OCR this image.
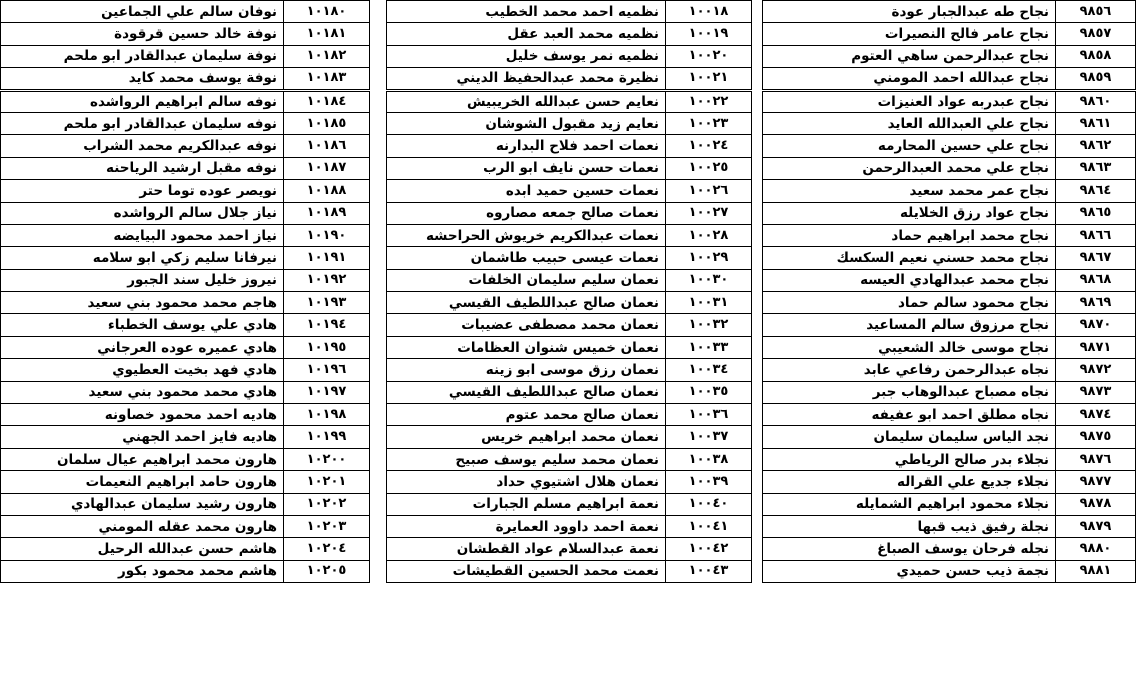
نوفان سالم علي الجماعين	١٠١٨٠
نوفة خالد حسين قرقودة	١٠١٨١
نوفة سليمان عبدالقادر ابو ملحم	١٠١٨٢
نوفة يوسف محمد كايد	١٠١٨٣
نوفه سالم ابراهيم الرواشده	١٠١٨٤
نوفه سليمان عبدالقادر ابو ملحم	١٠١٨٥
نوفه عبدالكريم محمد الشراب	١٠١٨٦
نوفه مقبل ارشيد الرياحنه	١٠١٨٧
نويصر عوده توما حتر	١٠١٨٨
نياز جلال سالم الرواشده	١٠١٨٩
نياز احمد محمود البيايضه	١٠١٩٠
نيرفانا سليم زكي ابو سلامه	١٠١٩١
نيروز خليل سند الجبور	١٠١٩٢
هاجم محمد محمود بني سعيد	١٠١٩٣
هادي علي يوسف الخطباء	١٠١٩٤
هادي عميره عوده العرجاني	١٠١٩٥
هادي فهد بخيت العطيوي	١٠١٩٦
هادي محمد محمود بني سعيد	١٠١٩٧
هاديه احمد محمود خصاونه	١٠١٩٨
هاديه فايز احمد الجهني	١٠١٩٩
هارون محمد ابراهيم عيال سلمان	١٠٢٠٠
هارون حامد ابراهيم النعيمات	١٠٢٠١
هارون رشيد سليمان عبدالهادي	١٠٢٠٢
هارون محمد عقله المومني	١٠٢٠٣
هاشم حسن عبدالله الرحيل	١٠٢٠٤
هاشم محمد محمود بكور	١٠٢٠٥
نظميه احمد محمد الخطيب	١٠٠١٨
نظميه محمد العبد عقل	١٠٠١٩
نظميه نمر يوسف خليل	١٠٠٢٠
نظيرة محمد عبدالحفيظ الديني	١٠٠٢١
نعايم حسن عبدالله الخريبيش	١٠٠٢٢
نعايم زيد مقبول الشوشان	١٠٠٢٣
نعمات احمد فلاح البدارنه	١٠٠٢٤
نعمات حسن نايف ابو الرب	١٠٠٢٥
نعمات حسين حميد ابده	١٠٠٢٦
نعمات صالح جمعه مصاروه	١٠٠٢٧
نعمات عبدالكريم خريوش الحراحشه	١٠٠٢٨
نعمات عيسى حبيب طاشمان	١٠٠٢٩
نعمان سليم سليمان الخلفات	١٠٠٣٠
نعمان صالح عبداللطيف القيسي	١٠٠٣١
نعمان محمد مصطفى عضيبات	١٠٠٣٢
نعمان خميس شنوان العظامات	١٠٠٣٣
نعمان رزق موسى ابو زينه	١٠٠٣٤
نعمان صالح عبداللطيف القيسي	١٠٠٣٥
نعمان صالح محمد عتوم	١٠٠٣٦
نعمان محمد ابراهيم خريس	١٠٠٣٧
نعمان محمد سليم يوسف صبيح	١٠٠٣٨
نعمان هلال اشتيوي حداد	١٠٠٣٩
نعمة ابراهيم مسلم الجبارات	١٠٠٤٠
نعمة احمد داوود العمايرة	١٠٠٤١
نعمة عبدالسلام عواد القطشان	١٠٠٤٢
نعمت محمد الحسين القطيشات	١٠٠٤٣
نجاح طه عبدالجبار عودة	٩٨٥٦
نجاح عامر فالح النصيرات	٩٨٥٧
نجاح عبدالرحمن ساهي العتوم	٩٨٥٨
نجاح عبدالله احمد المومني	٩٨٥٩
نجاح عبدربه عواد العنيزات	٩٨٦٠
نجاح علي العبدالله العايد	٩٨٦١
نجاح علي حسين المحارمه	٩٨٦٢
نجاح علي محمد العبدالرحمن	٩٨٦٣
نجاح عمر محمد سعيد	٩٨٦٤
نجاح عواد رزق الخلايله	٩٨٦٥
نجاح محمد ابراهيم حماد	٩٨٦٦
نجاح محمد حسني نعيم السكسك	٩٨٦٧
نجاح محمد عبدالهادي العيسه	٩٨٦٨
نجاح محمود سالم حماد	٩٨٦٩
نجاح مرزوق سالم المساعيد	٩٨٧٠
نجاح موسى خالد الشعيبي	٩٨٧١
نجاه عبدالرحمن رفاعي عابد	٩٨٧٢
نجاه مصباح عبدالوهاب جبر	٩٨٧٣
نجاه مطلق احمد ابو عفيفه	٩٨٧٤
نجد الياس سليمان سليمان	٩٨٧٥
نجلاء بدر صالح الرياطي	٩٨٧٦
نجلاء جديع علي القراله	٩٨٧٧
نجلاء محمود ابراهيم الشمايله	٩٨٧٨
نجلة رفيق ذيب قبها	٩٨٧٩
نجله فرحان يوسف الصباغ	٩٨٨٠
نجمة ذيب حسن حميدي	٩٨٨١
